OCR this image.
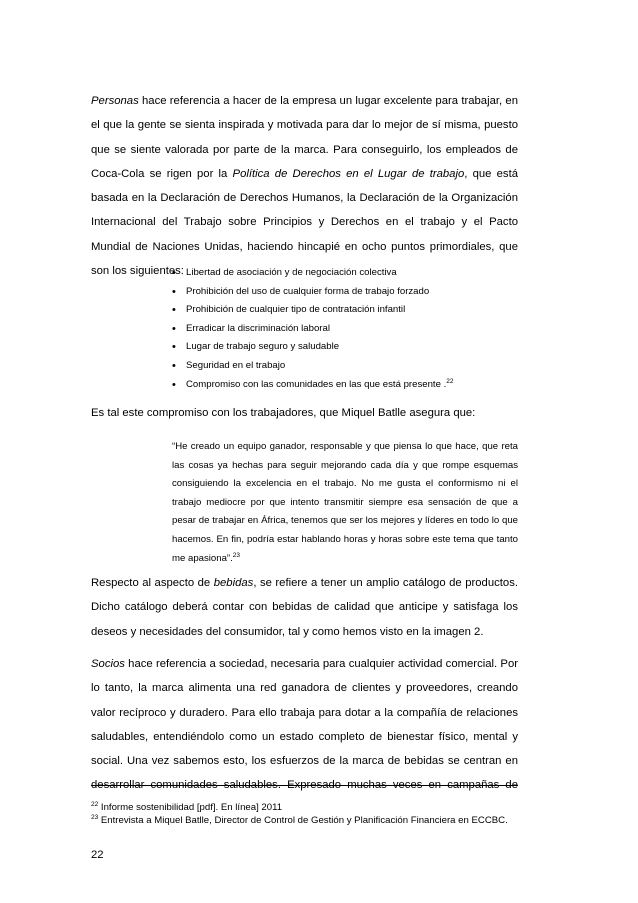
Personas hace referencia a hacer de la empresa un lugar excelente para trabajar, en el que la gente se sienta inspirada y motivada para dar lo mejor de sí misma, puesto que se siente valorada por parte de la marca. Para conseguirlo, los empleados de Coca-Cola se rigen por la Política de Derechos en el Lugar de trabajo, que está basada en la Declaración de Derechos Humanos, la Declaración de la Organización Internacional del Trabajo sobre Principios y Derechos en el trabajo y el Pacto Mundial de Naciones Unidas, haciendo hincapié en ocho puntos primordiales, que son los siguientes:

• Libertad de asociación y de negociación colectiva
• Prohibición del uso de cualquier forma de trabajo forzado
• Prohibición de cualquier tipo de contratación infantil
• Erradicar la discriminación laboral
• Lugar de trabajo seguro y saludable
• Seguridad en el trabajo
• Compromiso con las comunidades en las que está presente .$^{22}$

Es tal este compromiso con los trabajadores, que Miquel Batlle asegura que:

“He creado un equipo ganador, responsable y que piensa lo que hace, que reta las cosas ya hechas para seguir mejorando cada día y que rompe esquemas consiguiendo la excelencia en el trabajo. No me gusta el conformismo ni el trabajo mediocre por que intento transmitir siempre esa sensación de que a pesar de trabajar en África, tenemos que ser los mejores y líderes en todo lo que hacemos. En fin, podría estar hablando horas y horas sobre este tema que tanto me apasiona”.$^{23}$

Respecto al aspecto de bebidas, se refiere a tener un amplio catálogo de productos. Dicho catálogo deberá contar con bebidas de calidad que anticipe y satisfaga los deseos y necesidades del consumidor, tal y como hemos visto en la imagen 2.

Socios hace referencia a sociedad, necesaria para cualquier actividad comercial. Por lo tanto, la marca alimenta una red ganadora de clientes y proveedores, creando valor recíproco y duradero. Para ello trabaja para dotar a la compañía de relaciones saludables, entendiéndolo como un estado completo de bienestar físico, mental y social. Una vez sabemos esto, los esfuerzos de la marca de bebidas se centran en desarrollar comunidades saludables. Expresado muchas veces en campañas de

$^{22}$ Informe sostenibilidad [pdf]. En línea] 2011
$^{23}$ Entrevista a Miquel Batlle, Director de Control de Gestión y Planificación Financiera en ECCBC.
22
